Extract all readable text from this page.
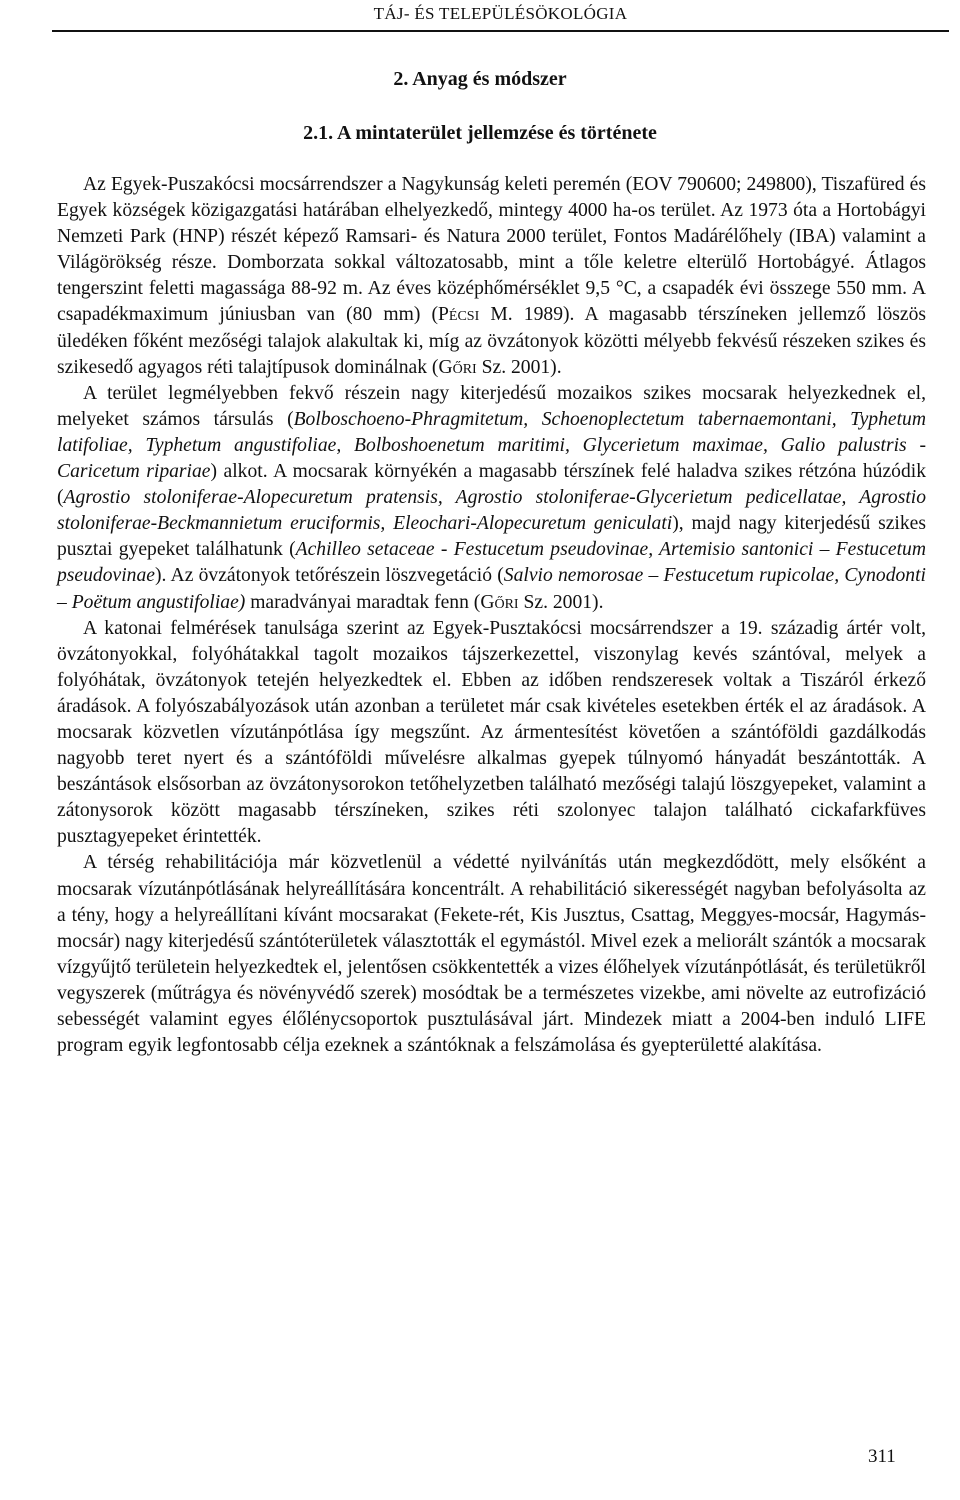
TÁJ- ÉS TELEPÜLÉSÖKOLÓGIA
2. Anyag és módszer
2.1. A mintaterület jellemzése és története

Az Egyek-Puszakócsi mocsárrendszer a Nagykunság keleti peremén (EOV 790600; 249800), Tiszafüred és Egyek községek közigazgatási határában elhelyezkedő, mintegy 4000 ha-os terület. Az 1973 óta a Hortobágyi Nemzeti Park (HNP) részét képező Ramsari- és Natura 2000 terület, Fontos Madárélőhely (IBA) valamint a Világörökség része. Domborzata sokkal változatosabb, mint a tőle keletre elterülő Hortobágyé. Átlagos tengerszint feletti magassága 88-92 m. Az éves középhőmérséklet 9,5 °C, a csapadék évi összege 550 mm. A csapadékmaximum júniusban van (80 mm) (Pécsi M. 1989). A magasabb térszíneken jellemző löszös üledéken főként mezőségi talajok alakultak ki, míg az övzátonyok közötti mélyebb fekvésű részeken szikes és szikesedő agyagos réti talajtípusok dominálnak (Gőri Sz. 2001).

A terület legmélyebben fekvő részein nagy kiterjedésű mozaikos szikes mocsarak helyezkednek el, melyeket számos társulás (Bolboschoeno-Phragmitetum, Schoenoplectetum tabernaemontani, Typhetum latifoliae, Typhetum angustifoliae, Bolboshoenetum maritimi, Glycerietum maximae, Galio palustris - Caricetum ripariae) alkot. A mocsarak környékén a magasabb térszínek felé haladva szikes rétzóna húzódik (Agrostio stoloniferae-Alopecuretum pratensis, Agrostio stoloniferae-Glycerietum pedicellatae, Agrostio stoloniferae-Beckmannietum eruciformis, Eleochari-Alopecuretum geniculati), majd nagy kiterjedésű szikes pusztai gyepeket találhatunk (Achilleo setaceae - Festucetum pseudovinae, Artemisio santonici – Festucetum pseudovinae). Az övzátonyok tetőrészein löszvegetáció (Salvio nemorosae – Festucetum rupicolae, Cynodonti – Poëtum angustifoliae) maradványai maradtak fenn (Gőri Sz. 2001).

A katonai felmérések tanulsága szerint az Egyek-Pusztakócsi mocsárrendszer a 19. századig ártér volt, övzátonyokkal, folyóhátakkal tagolt mozaikos tájszerkezettel, viszonylag kevés szántóval, melyek a folyóhátak, övzátonyok tetején helyezkedtek el. Ebben az időben rendszeresek voltak a Tiszáról érkező áradások. A folyószabályozások után azonban a területet már csak kivételes esetekben érték el az áradások. A mocsarak közvetlen vízutánpótlása így megszűnt. Az ármentesítést követően a szántóföldi gazdálkodás nagyobb teret nyert és a szántóföldi művelésre alkalmas gyepek túlnyomó hányadát beszántották. A beszántások elsősorban az övzátonysorokon tetőhelyzetben található mezőségi talajú löszgyepeket, valamint a zátonysorok között magasabb térszíneken, szikes réti szolonyec talajon található cickafarkfüves pusztagyepeket érintették.

A térség rehabilitációja már közvetlenül a védetté nyilvánítás után megkezdődött, mely elsőként a mocsarak vízutánpótlásának helyreállítására koncentrált. A rehabilitáció sikerességét nagyban befolyásolta az a tény, hogy a helyreállítani kívánt mocsarakat (Fekete-rét, Kis Jusztus, Csattag, Meggyes-mocsár, Hagymás-mocsár) nagy kiterjedésű szántóterületek választották el egymástól. Mivel ezek a meliorált szántók a mocsarak vízgyűjtő területein helyezkedtek el, jelentősen csökkentették a vizes élőhelyek vízutánpótlását, és területükről vegyszerek (műtrágya és növényvédő szerek) mosódtak be a természetes vizekbe, ami növelte az eutrofizáció sebességét valamint egyes élőlénycsoportok pusztulásával járt. Mindezek miatt a 2004-ben induló LIFE program egyik legfontosabb célja ezeknek a szántóknak a felszámolása és gyepterületté alakítása.

311
